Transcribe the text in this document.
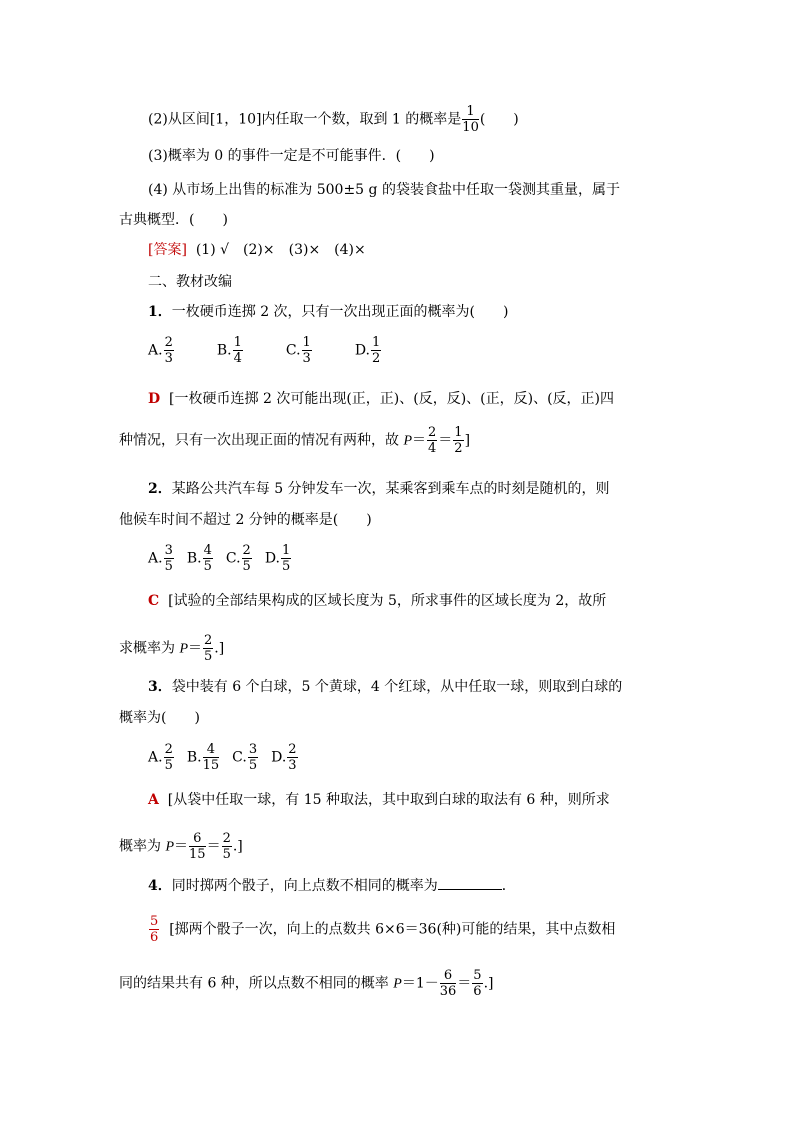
(2)从区间[1，10]内任取一个数，取到 1 的概率是 $\frac{1}{10}$ (　　)
(3)概率为 0 的事件一定是不可能事件．(　　)
(4) 从市场上出售的标准为 500±5 g 的袋装食盐中任取一袋测其重量，属于
古典概型．(　　)
[答案] (1) √　(2)×　(3)×　(4)×
二、教材改编
1．一枚硬币连掷 2 次，只有一次出现正面的概率为(　　)
A. $\frac{2}{3}$	B. $\frac{1}{4}$	C. $\frac{1}{3}$	D. $\frac{1}{2}$
D [一枚硬币连掷 2 次可能出现(正，正)、(反，反)、(正，反)、(反，正)四
种情况，只有一次出现正面的情况有两种，故 $P= \frac{2}{4} = \frac{1}{2}$ ]
2．某路公共汽车每 5 分钟发车一次，某乘客到乘车点的时刻是随机的，则
他候车时间不超过 2 分钟的概率是(　　)
A. $\frac{3}{5} B$. $\frac{4}{5} C$. $\frac{2}{5} D$. $\frac{1}{5}$
C [试验的全部结果构成的区域长度为 5，所求事件的区域长度为 2，故所
求概率为 $P= \frac{2}{5}$ .]
3．袋中装有 6 个白球，5 个黄球，4 个红球，从中任取一球，则取到白球的
概率为(　　)
A. $\frac{2}{5} B$. $\frac{4}{15} C$. $\frac{3}{5} D$. $\frac{2}{3}$
A [从袋中任取一球，有 15 种取法，其中取到白球的取法有 6 种，则所求
概率为 $P= \frac{6}{15} = \frac{2}{5}$ .]
4．同时掷两个骰子，向上点数不相同的概率为	．
$\frac{5}{6}$ [掷两个骰子一次，向上的点数共 6×6＝36(种)可能的结果，其中点数相
同的结果共有 6 种，所以点数不相同的概率 $P=1- \frac{6}{36} = \frac{5}{6}$ .]
